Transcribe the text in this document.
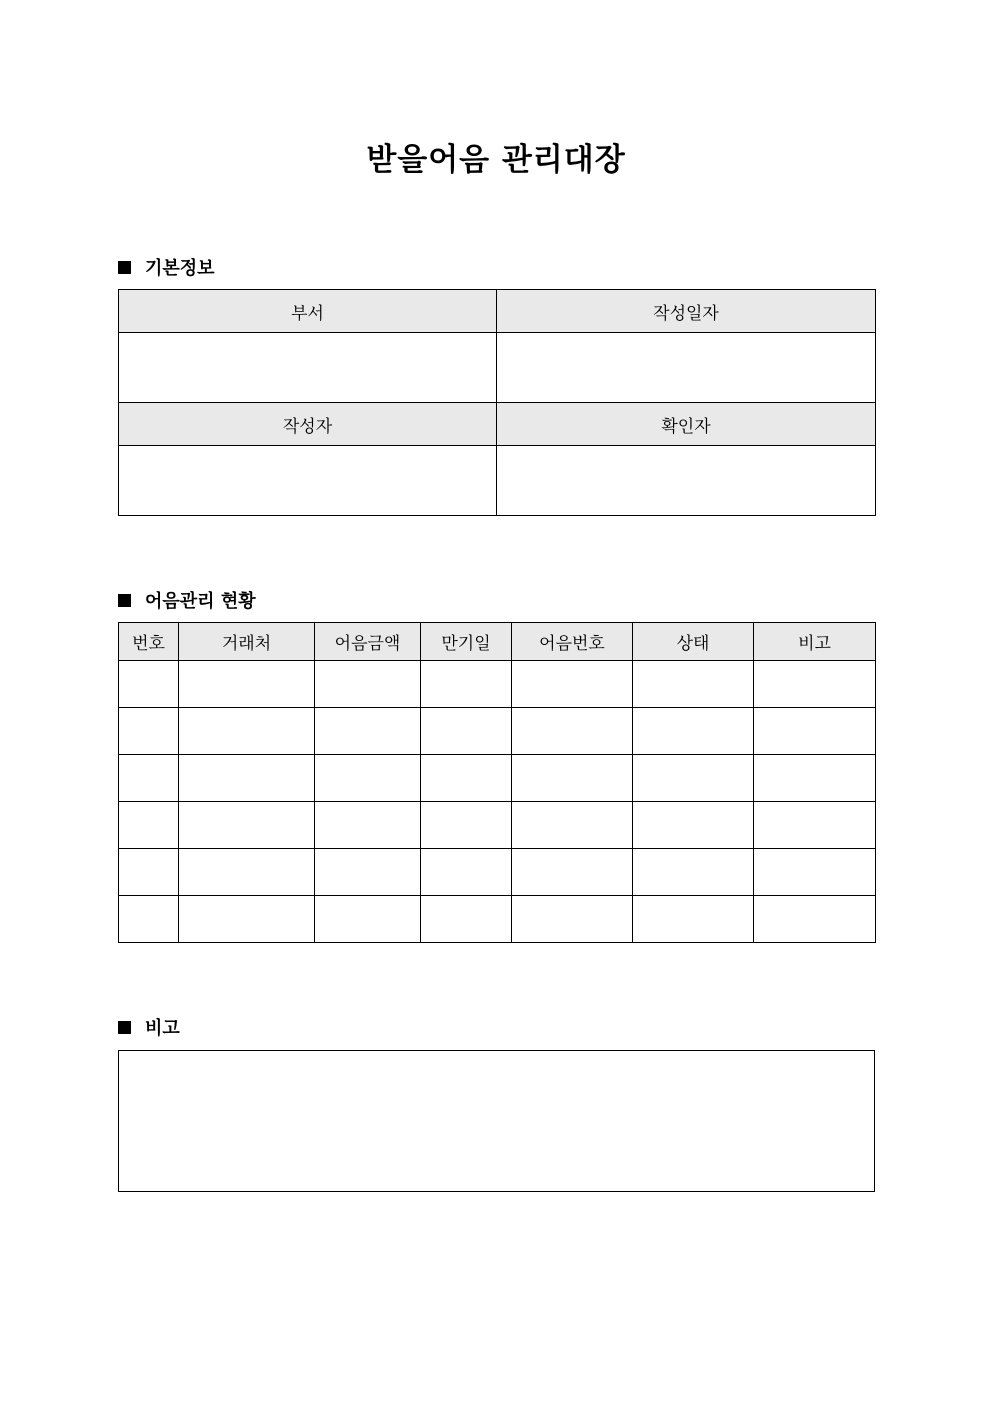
받을어음 관리대장
기본정보
부서	작성일자

작성자	확인자

어음관리 현황
번호	거래처	어음금액	만기일	어음번호	상태	비고

비고
